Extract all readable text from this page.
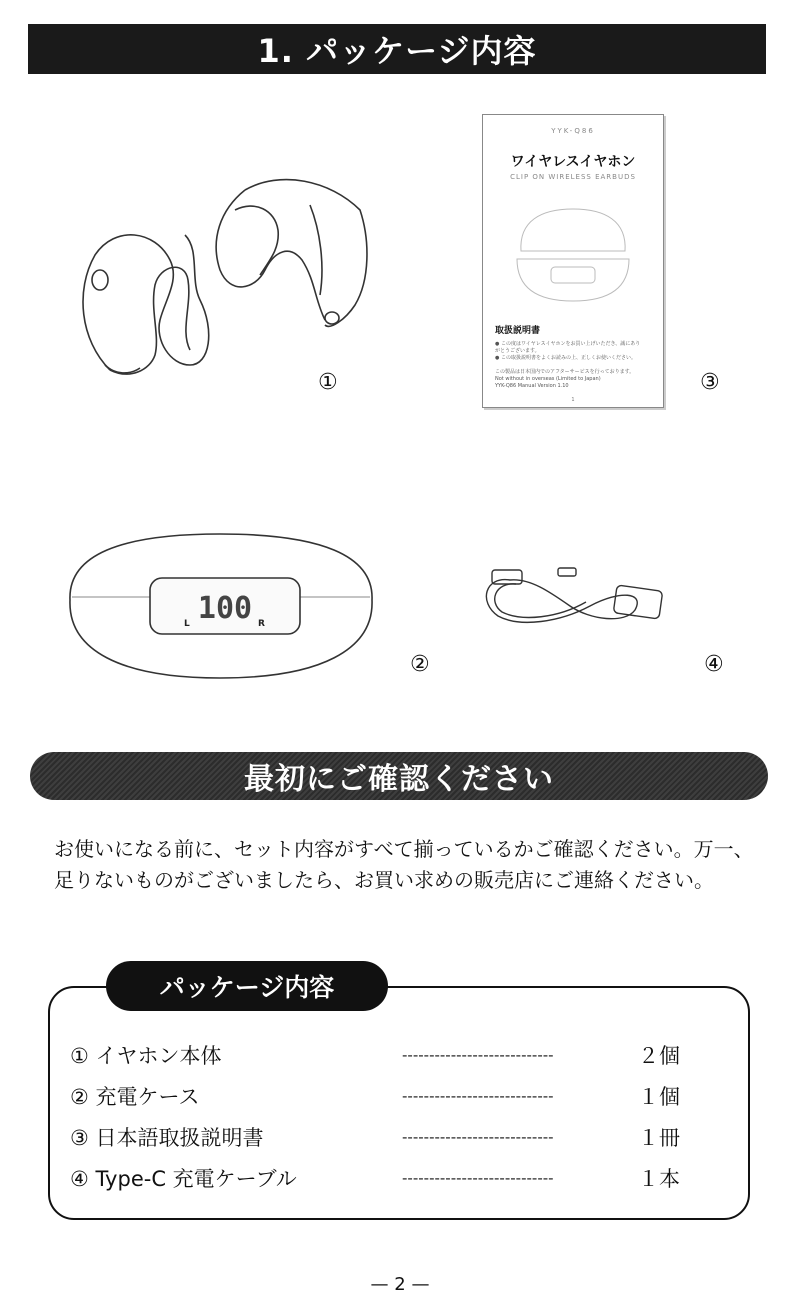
1. パッケージ内容
①
YYK-Q86
ワイヤレスイヤホン
CLIP ON WIRELESS EARBUDS
取扱説明書
● この度はワイヤレスイヤホンをお買い上げいただき、誠にありがとうございます。
● この取扱説明書をよくお読みの上、正しくお使いください。
この製品は日本国内でのアフターサービスを行っております。
Not without in overseas (Limited to Japan)
YYK-Q86 Manual Version 1.10
1
③
100
L	R
②	④
最初にご確認ください
お使いになる前に、セット内容がすべて揃っているかご確認ください。万一、足りないものがございましたら、お買い求めの販売店にご連絡ください。
パッケージ内容
① イヤホン本体	----------------------------	２個
② 充電ケース	----------------------------	１個
③ 日本語取扱説明書	----------------------------	１冊
④ Type-C 充電ケーブル	----------------------------	１本
— 2 —
